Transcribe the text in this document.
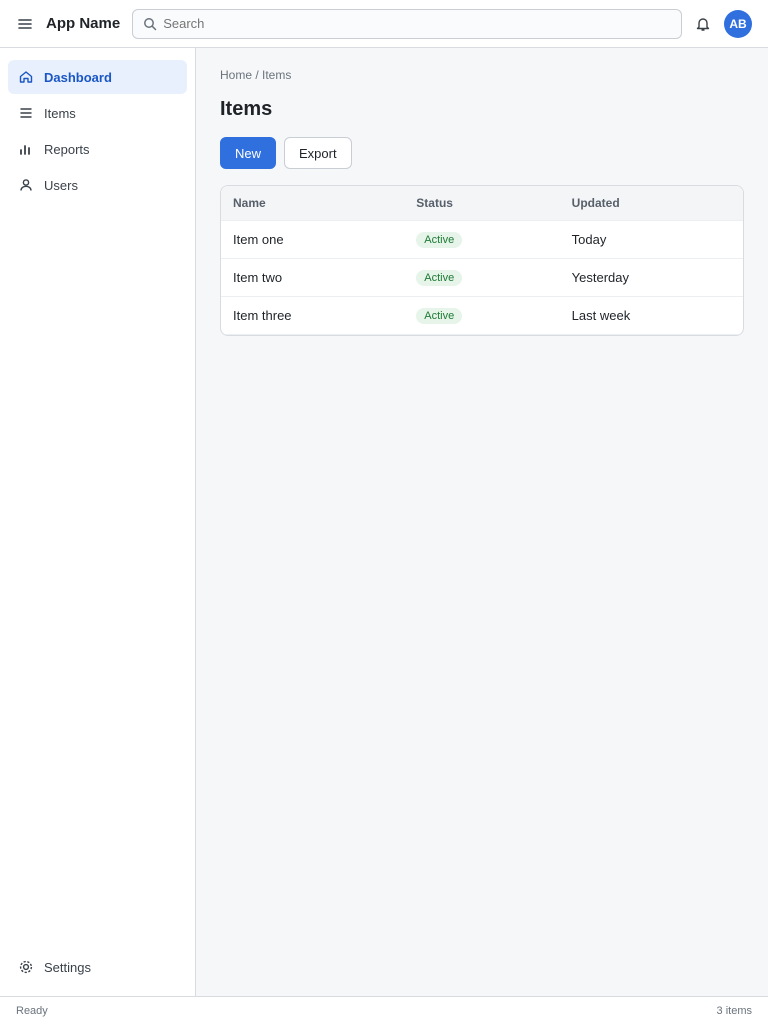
App Name
Search	AB
Dashboard
Items
Reports
Users
Settings
Home / Items
Items
New	Export
Name	Status	Updated
Item one	Active	Today
Item two	Active	Yesterday
Item three	Active	Last week
Ready	3 items
